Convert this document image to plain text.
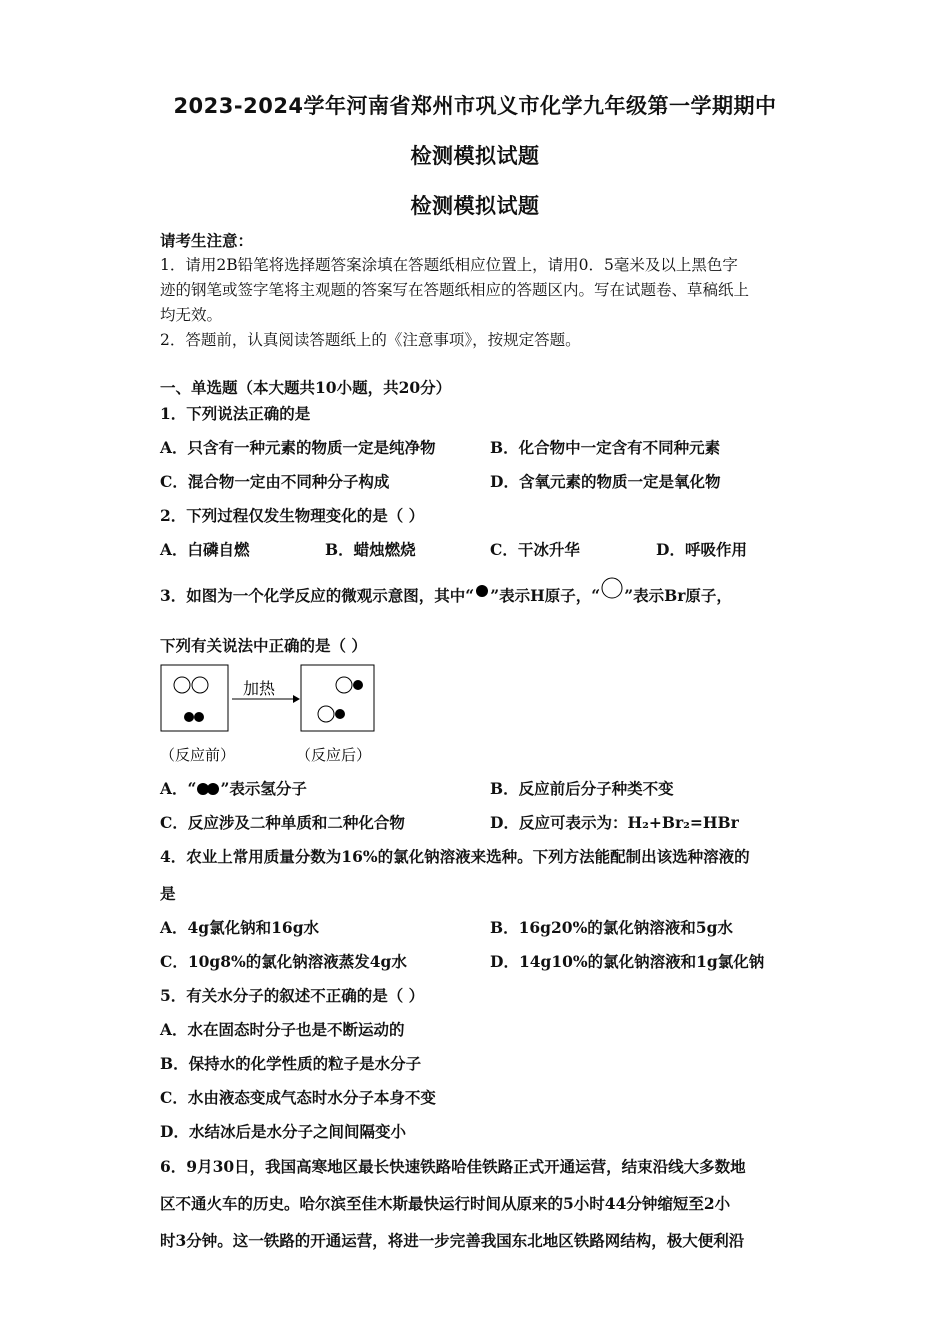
2023-2024学年河南省郑州市巩义市化学九年级第一学期期中
检测模拟试题
检测模拟试题
请考生注意：
1．请用2B铅笔将选择题答案涂填在答题纸相应位置上，请用0．5毫米及以上黑色字
迹的钢笔或签字笔将主观题的答案写在答题纸相应的答题区内。写在试题卷、草稿纸上
均无效。
2．答题前，认真阅读答题纸上的《注意事项》，按规定答题。
一、单选题（本大题共10小题，共20分）
1．下列说法正确的是
A．只含有一种元素的物质一定是纯净物	B．化合物中一定含有不同种元素
C．混合物一定由不同种分子构成	D．含氧元素的物质一定是氧化物
2．下列过程仅发生物理变化的是（ ）
A．白磷自燃	B．蜡烛燃烧	C．干冰升华	D．呼吸作用
3．如图为一个化学反应的微观示意图，其中“ ”表示H原子，“ ”表示Br原子，
下列有关说法中正确的是（ ）
加热
（反应前）	（反应后）
A．“ ”表示氢分子	B．反应前后分子种类不变
C．反应涉及二种单质和二种化合物	D．反应可表示为：H₂+Br₂=HBr
4．农业上常用质量分数为16%的氯化钠溶液来选种。下列方法能配制出该选种溶液的
是
A．4g氯化钠和16g水	B．16g20%的氯化钠溶液和5g水
C．10g8%的氯化钠溶液蒸发4g水	D．14g10%的氯化钠溶液和1g氯化钠
5．有关水分子的叙述不正确的是（ ）
A．水在固态时分子也是不断运动的
B．保持水的化学性质的粒子是水分子
C．水由液态变成气态时水分子本身不变
D．水结冰后是水分子之间间隔变小
6．9月30日，我国高寒地区最长快速铁路哈佳铁路正式开通运营，结束沿线大多数地
区不通火车的历史。哈尔滨至佳木斯最快运行时间从原来的5小时44分钟缩短至2小
时3分钟。这一铁路的开通运营，将进一步完善我国东北地区铁路网结构，极大便利沿
